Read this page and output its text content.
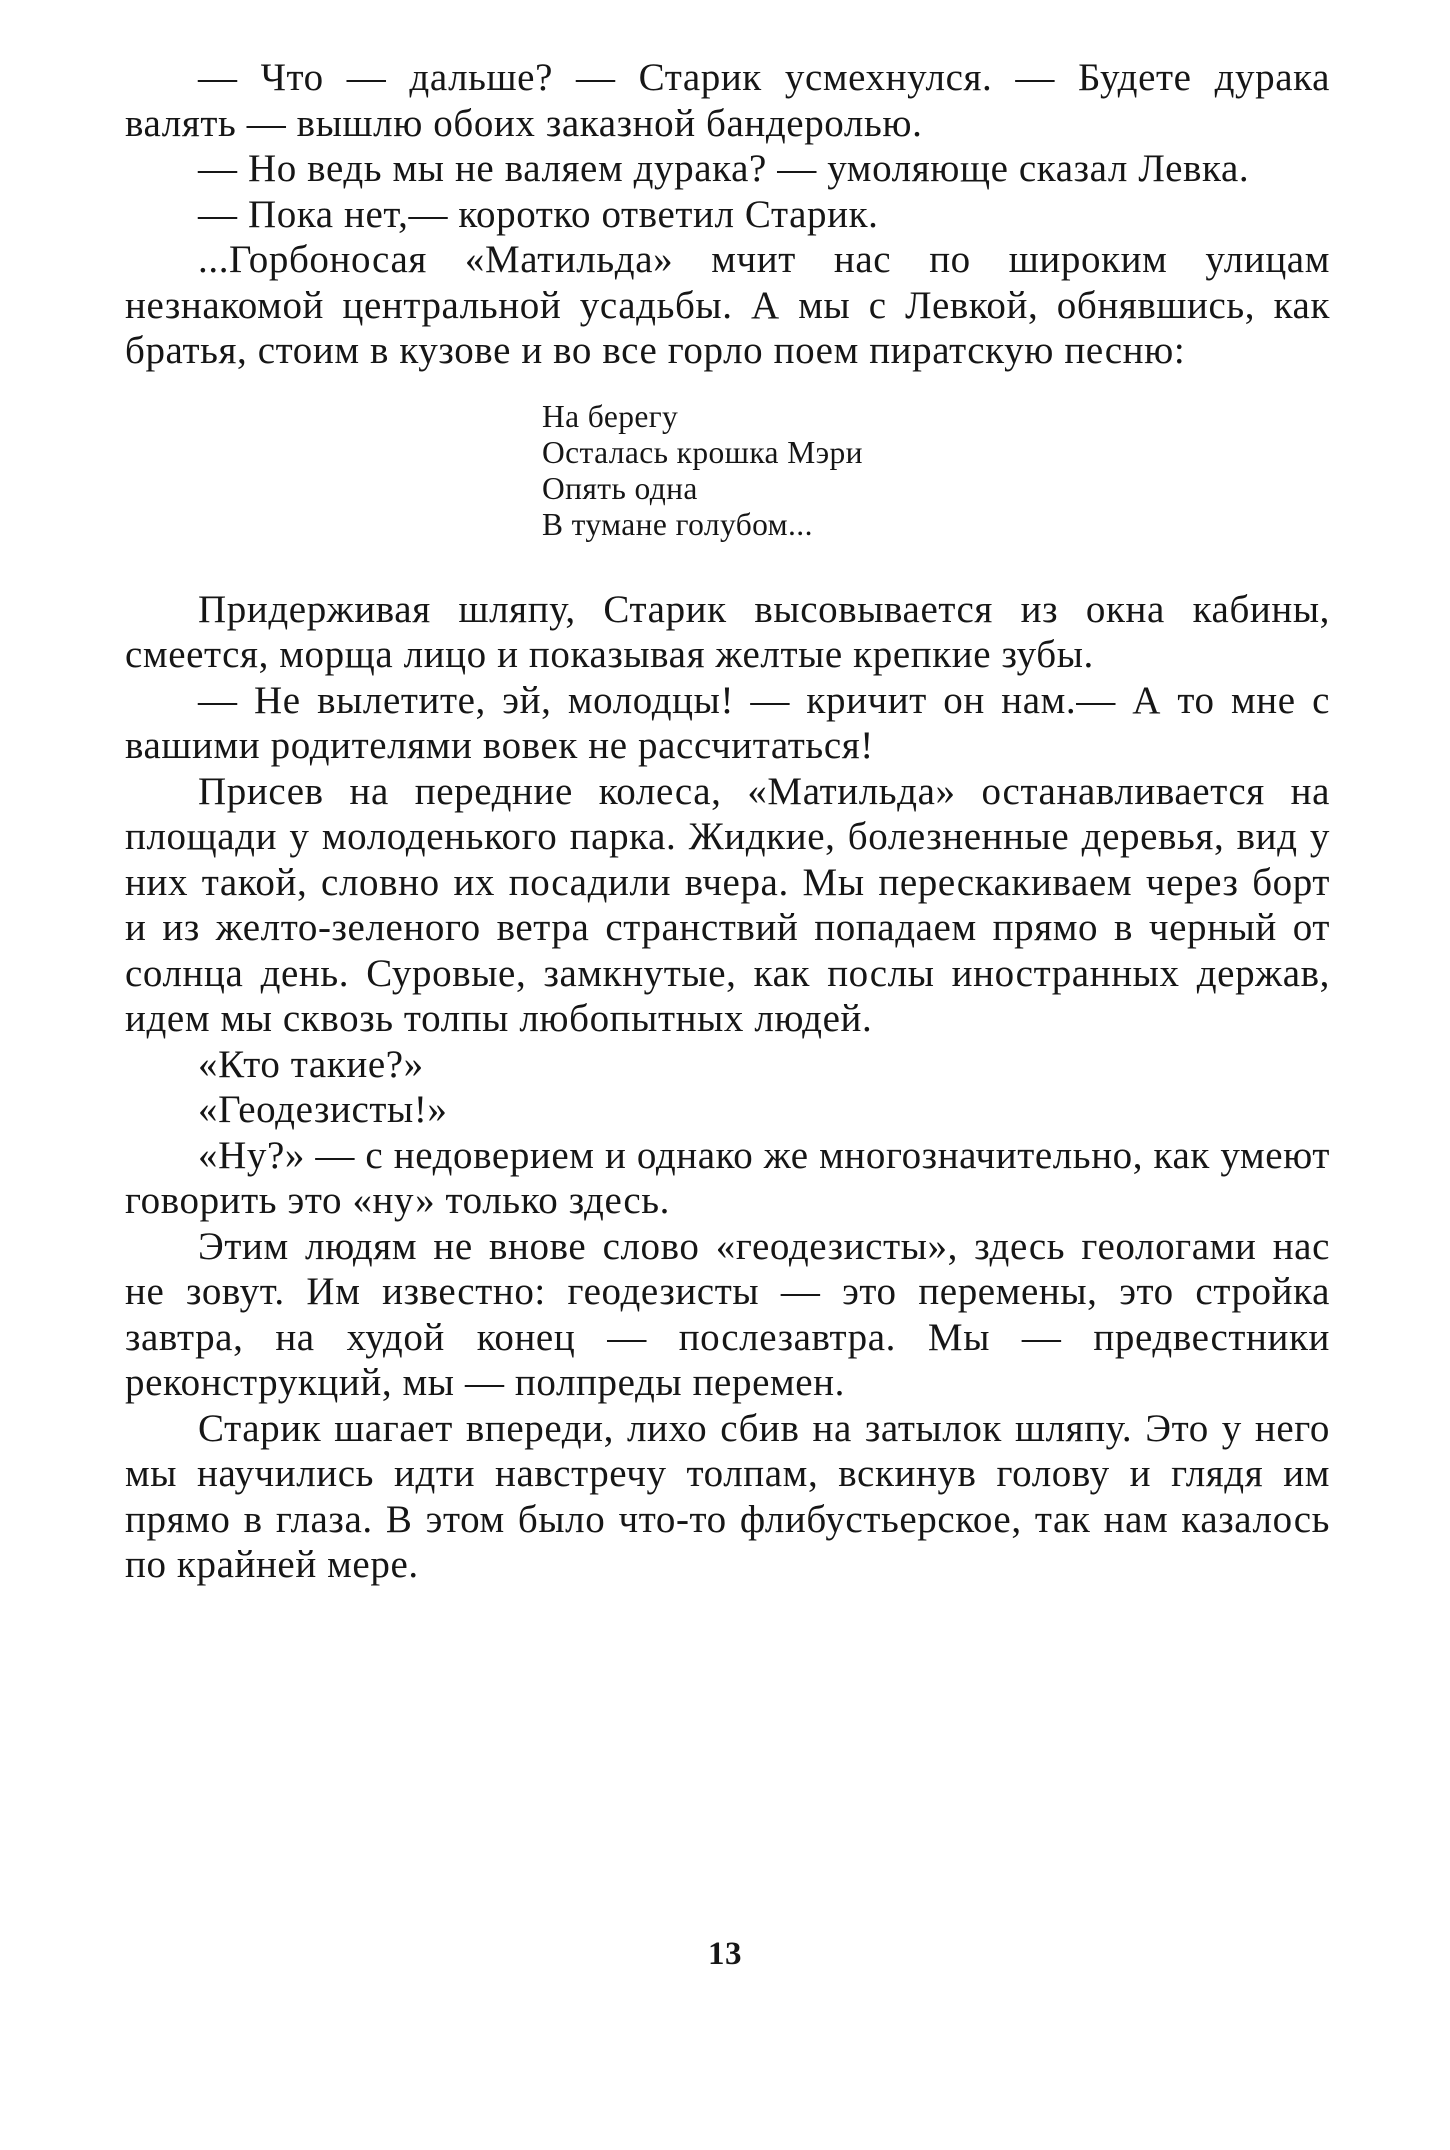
— Что — дальше? — Старик усмехнулся. — Будете дурака валять — вышлю обоих заказной бандеролью.

— Но ведь мы не валяем дурака? — умоляюще сказал Левка.

— Пока нет,— коротко ответил Старик.

...Горбоносая «Матильда» мчит нас по широким улицам незнакомой центральной усадьбы. А мы с Левкой, обнявшись, как братья, стоим в кузове и во все горло поем пиратскую песню:

На берегу
Осталась крошка Мэри
Опять одна
В тумане голубом...

Придерживая шляпу, Старик высовывается из окна кабины, смеется, морща лицо и показывая желтые крепкие зубы.

— Не вылетите, эй, молодцы! — кричит он нам.— А то мне с вашими родителями вовек не рассчитаться!

Присев на передние колеса, «Матильда» останавливается на площади у молоденького парка. Жидкие, болезненные деревья, вид у них такой, словно их посадили вчера. Мы перескакиваем через борт и из желто-зеленого ветра странствий попадаем прямо в черный от солнца день. Суровые, замкнутые, как послы иностранных держав, идем мы сквозь толпы любопытных людей.

«Кто такие?»

«Геодезисты!»

«Ну?» — с недоверием и однако же многозначительно, как умеют говорить это «ну» только здесь.

Этим людям не внове слово «геодезисты», здесь геологами нас не зовут. Им известно: геодезисты — это перемены, это стройка завтра, на худой конец — послезавтра. Мы — предвестники реконструкций, мы — полпреды перемен.

Старик шагает впереди, лихо сбив на затылок шляпу. Это у него мы научились идти навстречу толпам, вскинув голову и глядя им прямо в глаза. В этом было что-то флибустьерское, так нам казалось по крайней мере.

13
